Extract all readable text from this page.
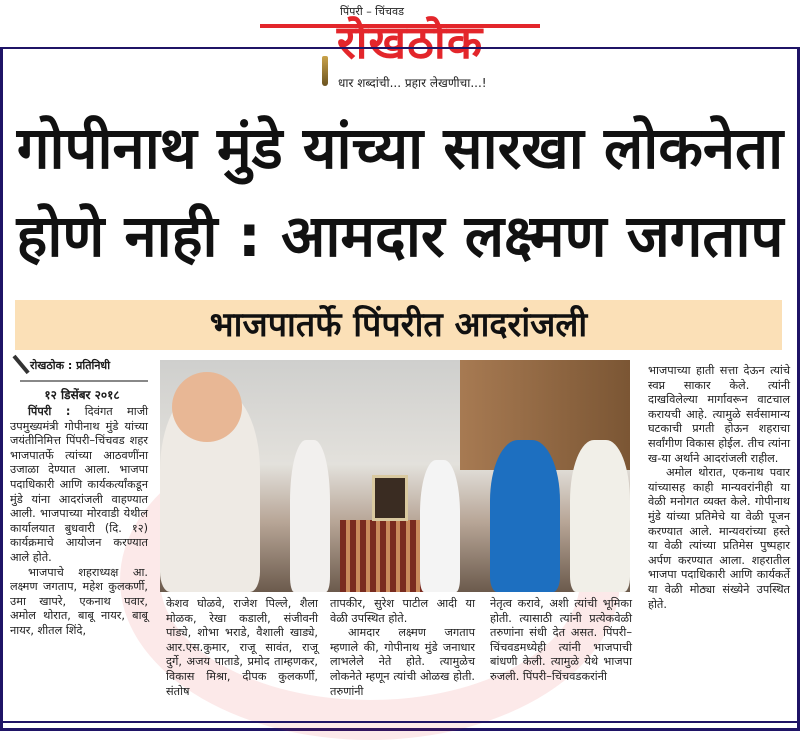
पिंपरी – चिंचवड
रोखठोक
धार शब्दांची... प्रहार लेखणीचा...!
गोपीनाथ मुंडे यांच्या सारखा लोकनेता
होणे नाही : आमदार लक्ष्मण जगताप
भाजपातर्फे पिंपरीत आदरांजली
रोखठोक : प्रतिनिधी
१२ डिसेंबर २०१८

पिंपरी : दिवंगत माजी उपमुख्यमंत्री गोपीनाथ मुंडे यांच्या जयंतीनिमित्त पिंपरी–चिंचवड शहर भाजपातर्फे त्यांच्या आठवणींना उजाळा देण्यात आला. भाजपा पदाधिकारी आणि कार्यकर्त्यांकडून मुंडे यांना आदरांजली वाहण्यात आली. भाजपाच्या मोरवाडी येथील कार्यालयात बुधवारी (दि. १२) कार्यक्रमाचे आयोजन करण्यात आले होते.

भाजपाचे शहराध्यक्ष आ. लक्ष्मण जगताप, महेश कुलकर्णी, उमा खापरे, एकनाथ पवार, अमोल थोरात, बाबू नायर, बाबू नायर, शीतल शिंदे,

केशव घोळवे, राजेश पिल्ले, शैला मोळक, रेखा कडाली, संजीवनी पांड्ये, शोभा भराडे, वैशाली खाड्ये, आर.एस.कुमार, राजू सावंत, राजू दुर्गे, अजय पाताडे, प्रमोद ताम्हणकर, विकास मिश्रा, दीपक कुलकर्णी, संतोष

तापकीर, सुरेश पाटील आदी या वेळी उपस्थित होते.

आमदार लक्ष्मण जगताप म्हणाले की, गोपीनाथ मुंडे जनाधार लाभलेले नेते होते. त्यामुळेच लोकनेते म्हणून त्यांची ओळख होती. तरुणांनी

नेतृत्व करावे, अशी त्यांची भूमिका होती. त्यासाठी त्यांनी प्रत्येकवेळी तरुणांना संधी देत असत. पिंपरी–चिंचवडमध्येही त्यांनी भाजपाची बांधणी केली. त्यामुळे येथे भाजपा रुजली. पिंपरी–चिंचवडकरांनी

भाजपाच्या हाती सत्ता देऊन त्यांचे स्वप्न साकार केले. त्यांनी दाखविलेल्या मार्गावरून वाटचाल करायची आहे. त्यामुळे सर्वसामान्य घटकाची प्रगती होऊन शहराचा सर्वांगीण विकास होईल. तीच त्यांना ख-या अर्थाने आदरांजली राहील.

अमोल थोरात, एकनाथ पवार यांच्यासह काही मान्यवरांनीही या वेळी मनोगत व्यक्त केले. गोपीनाथ मुंडे यांच्या प्रतिमेचे या वेळी पूजन करण्यात आले. मान्यवरांच्या हस्ते या वेळी त्यांच्या प्रतिमेस पुष्पहार अर्पण करण्यात आला. शहरातील भाजपा पदाधिकारी आणि कार्यकर्ते या वेळी मोठ्या संख्येने उपस्थित होते.
